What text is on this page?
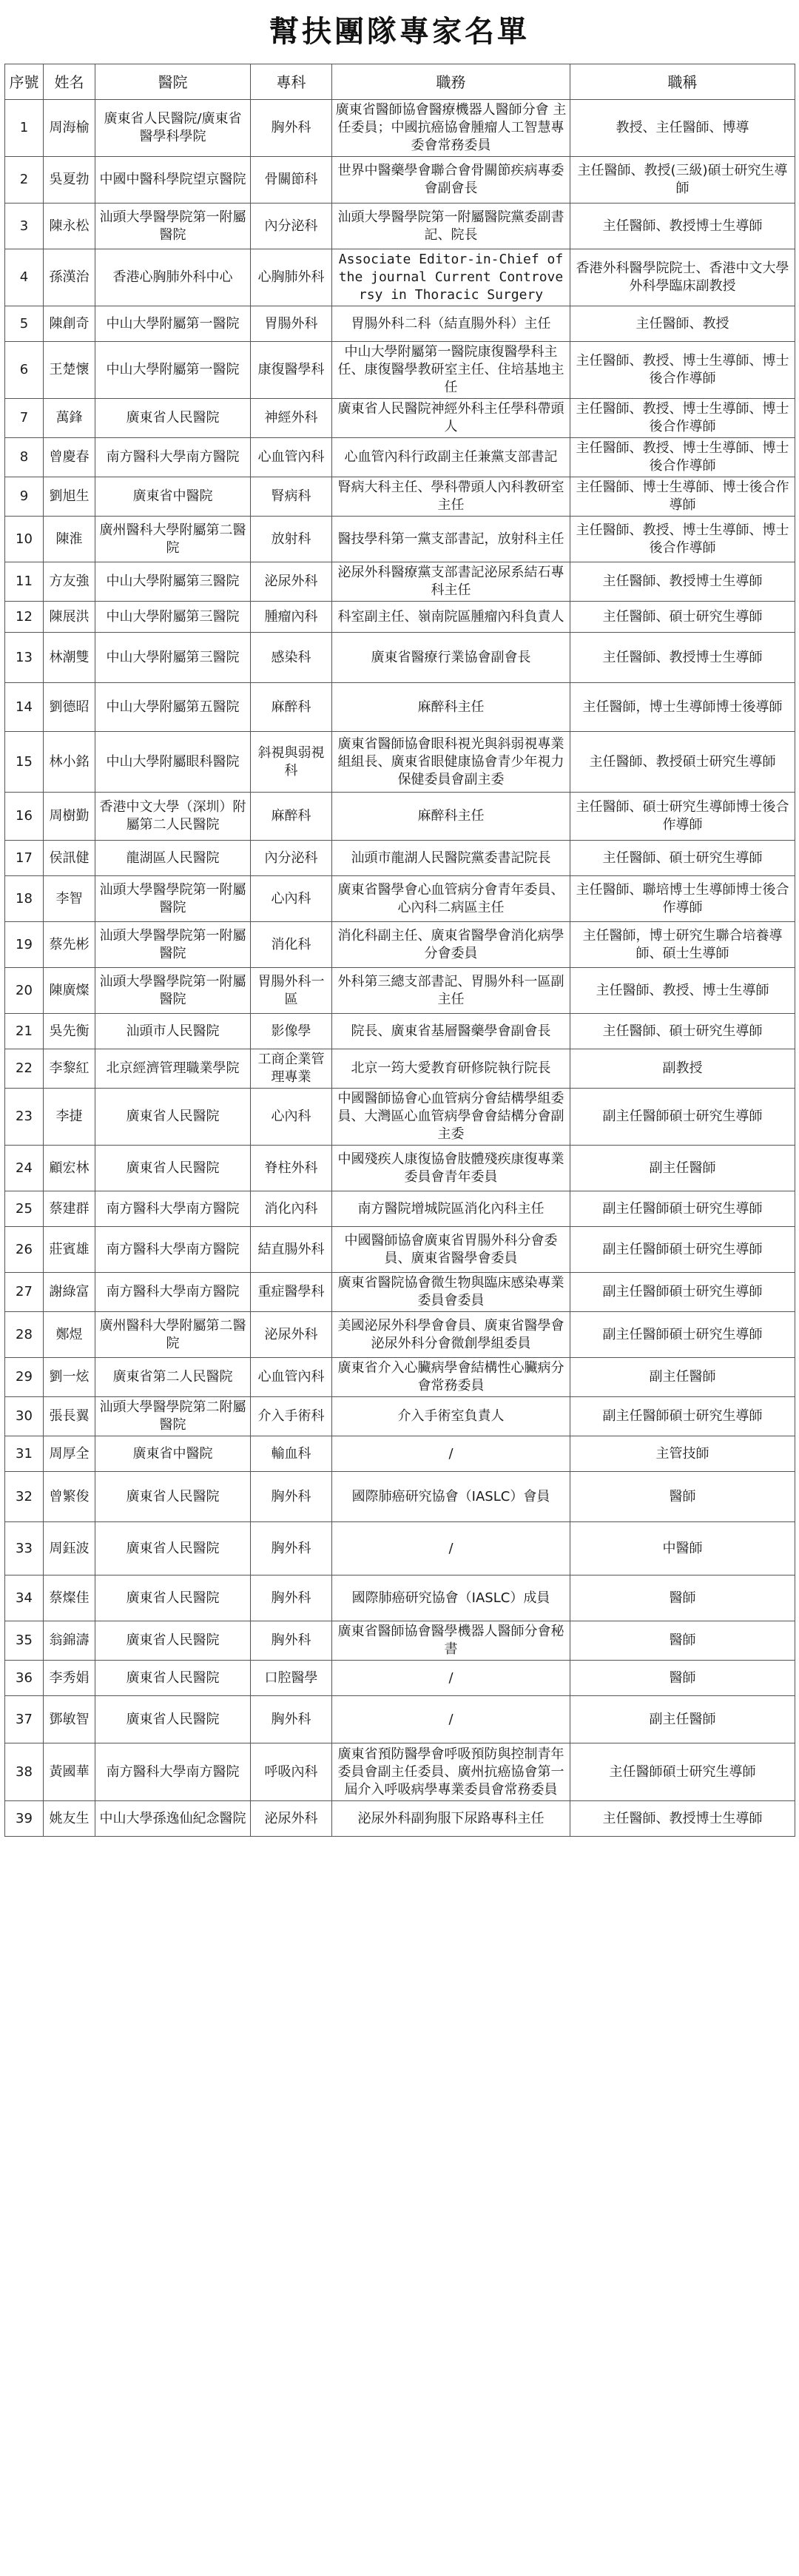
幫扶團隊專家名單
序號	姓名	醫院	專科	職務	職稱
1	周海榆	廣東省人民醫院/廣東省醫學科學院	胸外科	廣東省醫師協會醫療機器人醫師分會 主任委員；中國抗癌協會腫瘤人工智慧專委會常務委員	教授、主任醫師、博導
2	吳夏勃	中國中醫科學院望京醫院	骨關節科	世界中醫藥學會聯合會骨關節疾病專委會副會長	主任醫師、教授(三級)碩士研究生導師
3	陳永松	汕頭大學醫學院第一附屬醫院	內分泌科	汕頭大學醫學院第一附屬醫院黨委副書記、院長	主任醫師、教授博士生導師
4	孫漢治	香港心胸肺外科中心	心胸肺外科	Associate Editor-in-Chief of the journal Current Controversy in Thoracic Surgery	香港外科醫學院院士、香港中文大學外科學臨床副教授
5	陳創奇	中山大學附屬第一醫院	胃腸外科	胃腸外科二科（結直腸外科）主任	主任醫師、教授
6	王楚懷	中山大學附屬第一醫院	康復醫學科	中山大學附屬第一醫院康復醫學科主任、康復醫學教研室主任、住培基地主任	主任醫師、教授、博士生導師、博士後合作導師
7	萬鋒	廣東省人民醫院	神經外科	廣東省人民醫院神經外科主任學科帶頭人	主任醫師、教授、博士生導師、博士後合作導師
8	曾慶春	南方醫科大學南方醫院	心血管內科	心血管內科行政副主任兼黨支部書記	主任醫師、教授、博士生導師、博士後合作導師
9	劉旭生	廣東省中醫院	腎病科	腎病大科主任、學科帶頭人內科教研室主任	主任醫師、博士生導師、博士後合作導師
10	陳淮	廣州醫科大學附屬第二醫院	放射科	醫技學科第一黨支部書記，放射科主任	主任醫師、教授、博士生導師、博士後合作導師
11	方友強	中山大學附屬第三醫院	泌尿外科	泌尿外科醫療黨支部書記泌尿系結石專科主任	主任醫師、教授博士生導師
12	陳展洪	中山大學附屬第三醫院	腫瘤內科	科室副主任、嶺南院區腫瘤內科負責人	主任醫師、碩士研究生導師
13	林潮雙	中山大學附屬第三醫院	感染科	廣東省醫療行業協會副會長	主任醫師、教授博士生導師
14	劉德昭	中山大學附屬第五醫院	麻醉科	麻醉科主任	主任醫師，博士生導師博士後導師
15	林小銘	中山大學附屬眼科醫院	斜視與弱視科	廣東省醫師協會眼科視光與斜弱視專業組組長、廣東省眼健康協會青少年視力保健委員會副主委	主任醫師、教授碩士研究生導師
16	周樹勤	香港中文大學（深圳）附屬第二人民醫院	麻醉科	麻醉科主任	主任醫師、碩士研究生導師博士後合作導師
17	侯訊健	龍湖區人民醫院	內分泌科	汕頭市龍湖人民醫院黨委書記院長	主任醫師、碩士研究生導師
18	李智	汕頭大學醫學院第一附屬醫院	心內科	廣東省醫學會心血管病分會青年委員、心內科二病區主任	主任醫師、聯培博士生導師博士後合作導師
19	蔡先彬	汕頭大學醫學院第一附屬醫院	消化科	消化科副主任、廣東省醫學會消化病學分會委員	主任醫師，博士研究生聯合培養導師、碩士生導師
20	陳廣燦	汕頭大學醫學院第一附屬醫院	胃腸外科一區	外科第三總支部書記、胃腸外科一區副主任	主任醫師、教授、博士生導師
21	吳先衡	汕頭市人民醫院	影像學	院長、廣東省基層醫藥學會副會長	主任醫師、碩士研究生導師
22	李黎紅	北京經濟管理職業學院	工商企業管理專業	北京一筠大愛教育研修院執行院長	副教授
23	李捷	廣東省人民醫院	心內科	中國醫師協會心血管病分會結構學組委員、大灣區心血管病學會會結構分會副主委	副主任醫師碩士研究生導師
24	顧宏林	廣東省人民醫院	脊柱外科	中國殘疾人康復協會肢體殘疾康復專業委員會青年委員	副主任醫師
25	蔡建群	南方醫科大學南方醫院	消化內科	南方醫院增城院區消化內科主任	副主任醫師碩士研究生導師
26	莊賓雄	南方醫科大學南方醫院	結直腸外科	中國醫師協會廣東省胃腸外科分會委員、廣東省醫學會委員	副主任醫師碩士研究生導師
27	謝綠富	南方醫科大學南方醫院	重症醫學科	廣東省醫院協會微生物與臨床感染專業委員會委員	副主任醫師碩士研究生導師
28	鄭煜	廣州醫科大學附屬第二醫院	泌尿外科	美國泌尿外科學會會員、廣東省醫學會泌尿外科分會微創學組委員	副主任醫師碩士研究生導師
29	劉一炫	廣東省第二人民醫院	心血管內科	廣東省介入心臟病學會結構性心臟病分會常務委員	副主任醫師
30	張長翼	汕頭大學醫學院第二附屬醫院	介入手術科	介入手術室負責人	副主任醫師碩士研究生導師
31	周厚全	廣東省中醫院	輸血科	/	主管技師
32	曾繁俊	廣東省人民醫院	胸外科	國際肺癌研究協會（IASLC）會員	醫師
33	周鈺波	廣東省人民醫院	胸外科	/	中醫師
34	蔡燦佳	廣東省人民醫院	胸外科	國際肺癌研究協會（IASLC）成員	醫師
35	翁錦濤	廣東省人民醫院	胸外科	廣東省醫師協會醫學機器人醫師分會秘書	醫師
36	李秀娟	廣東省人民醫院	口腔醫學	/	醫師
37	鄧敏智	廣東省人民醫院	胸外科	/	副主任醫師
38	黃國華	南方醫科大學南方醫院	呼吸內科	廣東省預防醫學會呼吸預防與控制青年委員會副主任委員、廣州抗癌協會第一屆介入呼吸病學專業委員會常務委員	主任醫師碩士研究生導師
39	姚友生	中山大學孫逸仙紀念醫院	泌尿外科	泌尿外科副狗服下尿路專科主任	主任醫師、教授博士生導師
